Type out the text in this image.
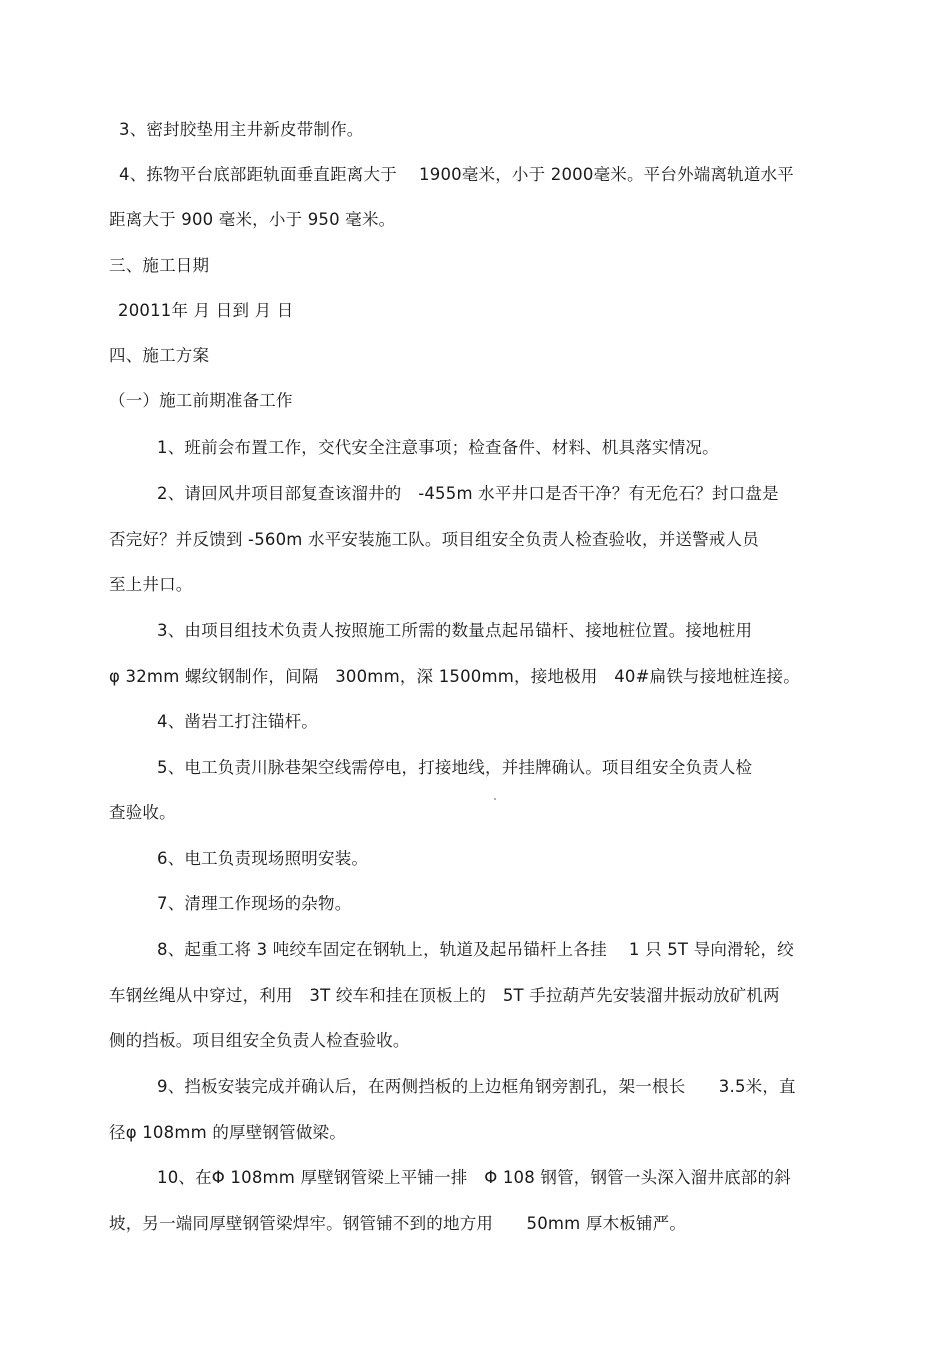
3、密封胶垫用主井新皮带制作。
4、拣物平台底部距轨面垂直距离大于　 1900毫米，小于 2000毫米。平台外端离轨道水平
距离大于 900 毫米，小于 950 毫米。
三、施工日期
20011年 月 日到 月 日
四、施工方案
（一）施工前期准备工作
1、班前会布置工作，交代安全注意事项；检查备件、材料、机具落实情况。
2、请回风井项目部复查该溜井的　-455m 水平井口是否干净？有无危石？封口盘是
否完好？并反馈到 -560m 水平安装施工队。项目组安全负责人检查验收，并送警戒人员
至上井口。
3、由项目组技术负责人按照施工所需的数量点起吊锚杆、接地桩位置。接地桩用
φ 32mm 螺纹钢制作，间隔　300mm，深 1500mm，接地极用　40#扁铁与接地桩连接。
4、凿岩工打注锚杆。
5、电工负责川脉巷架空线需停电，打接地线，并挂牌确认。项目组安全负责人检
查验收。
6、电工负责现场照明安装。
7、清理工作现场的杂物。
8、起重工将 3 吨绞车固定在钢轨上，轨道及起吊锚杆上各挂　 1 只 5T 导向滑轮，绞
车钢丝绳从中穿过，利用　3T 绞车和挂在顶板上的　5T 手拉葫芦先安装溜井振动放矿机两
侧的挡板。项目组安全负责人检查验收。
9、挡板安装完成并确认后，在两侧挡板的上边框角钢旁割孔，架一根长　　3.5米，直
径φ 108mm 的厚壁钢管做梁。
10、在Φ 108mm 厚壁钢管梁上平铺一排　Φ 108 钢管，钢管一头深入溜井底部的斜
坡，另一端同厚壁钢管梁焊牢。钢管铺不到的地方用　　50mm 厚木板铺严。
